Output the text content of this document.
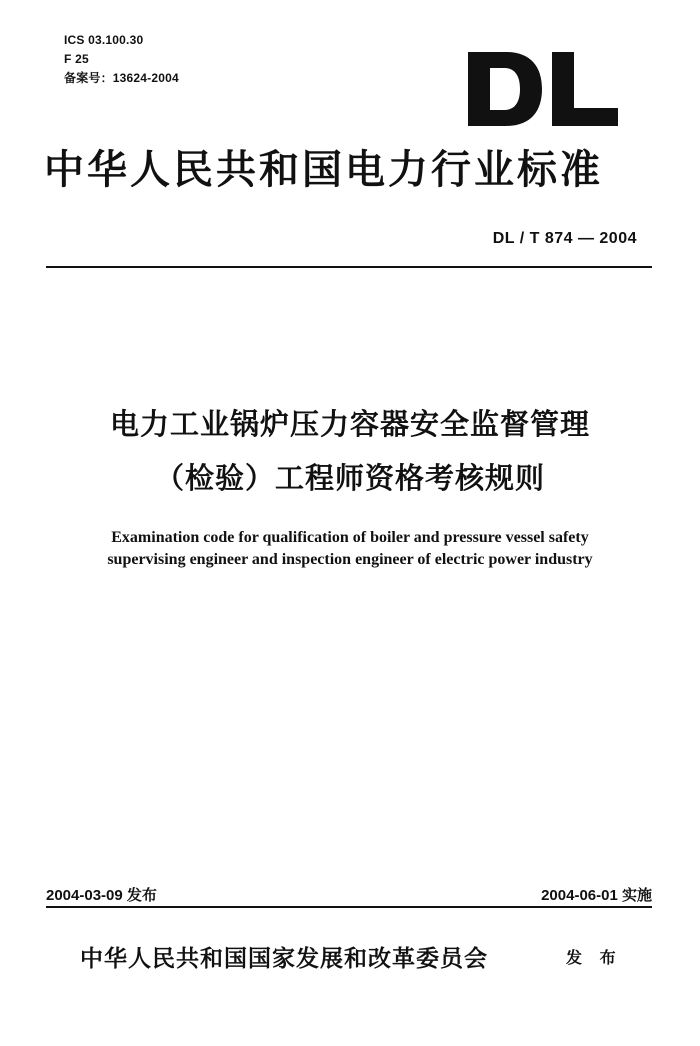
ICS 03.100.30
F 25
备案号：13624-2004
中华人民共和国电力行业标准
DL / T 874 — 2004
电力工业锅炉压力容器安全监督管理
（检验）工程师资格考核规则
Examination code for qualification of boiler and pressure vessel safety
supervising engineer and inspection engineer of electric power industry
2004-03-09 发布	2004-06-01 实施
中华人民共和国国家发展和改革委员会	发 布
